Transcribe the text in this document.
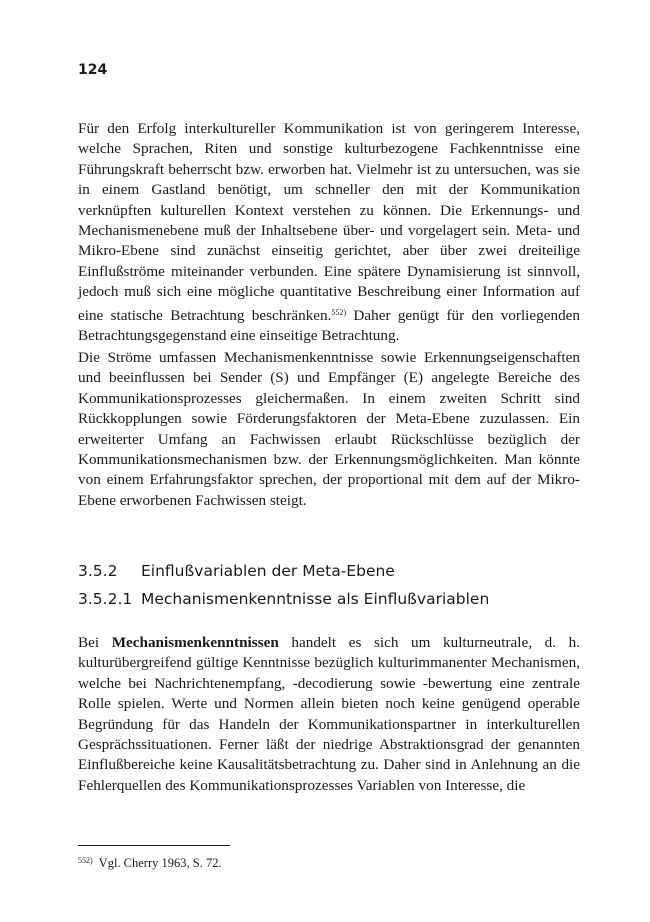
124
Für den Erfolg interkultureller Kommunikation ist von geringerem Interesse, welche Sprachen, Riten und sonstige kulturbezogene Fachkenntnisse eine Führungskraft beherrscht bzw. erworben hat. Vielmehr ist zu untersuchen, was sie in einem Gastland benötigt, um schneller den mit der Kommunikation verknüpften kulturellen Kontext verstehen zu können. Die Erkennungs- und Mechanismenebene muß der Inhaltsebene über- und vorgelagert sein. Meta- und Mikro-Ebene sind zunächst einseitig gerichtet, aber über zwei dreiteilige Einflußströme miteinander verbunden. Eine spätere Dynamisierung ist sinnvoll, jedoch muß sich eine mögliche quantitative Beschreibung einer Information auf eine statische Betrachtung beschränken.$^{552)}$ Daher genügt für den vorliegenden Betrachtungsgegenstand eine einseitige Betrachtung.
Die Ströme umfassen Mechanismenkenntnisse sowie Erkennungseigenschaften und beeinflussen bei Sender (S) und Empfänger (E) angelegte Bereiche des Kommunikationsprozesses gleichermaßen. In einem zweiten Schritt sind Rückkopplungen sowie Förderungsfaktoren der Meta-Ebene zuzulassen. Ein erweiterter Umfang an Fachwissen erlaubt Rückschlüsse bezüglich der Kommunikationsmechanismen bzw. der Erkennungsmöglichkeiten. Man könnte von einem Erfahrungsfaktor sprechen, der proportional mit dem auf der Mikro-Ebene erworbenen Fachwissen steigt.
3.5.2 Einflußvariablen der Meta-Ebene
3.5.2.1 Mechanismenkenntnisse als Einflußvariablen
Bei Mechanismenkenntnissen handelt es sich um kulturneutrale, d. h. kulturübergreifend gültige Kenntnisse bezüglich kulturimmanenter Mechanismen, welche bei Nachrichtenempfang, -decodierung sowie -bewertung eine zentrale Rolle spielen. Werte und Normen allein bieten noch keine genügend operable Begründung für das Handeln der Kommunikationspartner in interkulturellen Gesprächssituationen. Ferner läßt der niedrige Abstraktionsgrad der genannten Einflußbereiche keine Kausalitätsbetrachtung zu. Daher sind in Anlehnung an die Fehlerquellen des Kommunikationsprozesses Variablen von Interesse, die
$^{552)}$ Vgl. Cherry 1963, S. 72.
